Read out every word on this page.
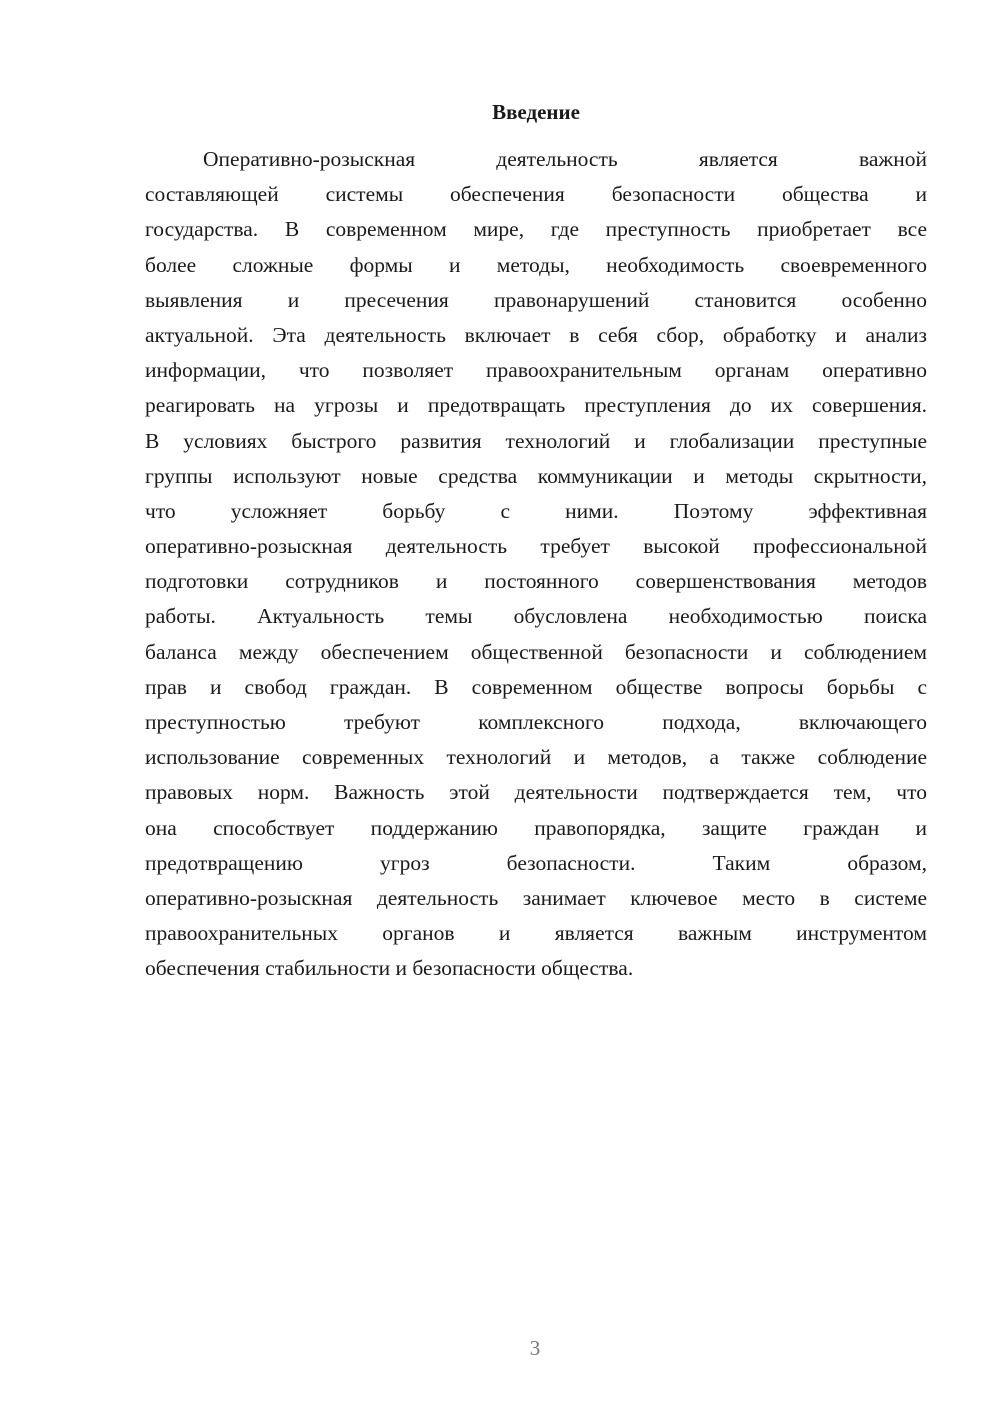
Введение
Оперативно-розыскная деятельность является важной
составляющей системы обеспечения безопасности общества и
государства. В современном мире, где преступность приобретает все
более сложные формы и методы, необходимость своевременного
выявления и пресечения правонарушений становится особенно
актуальной. Эта деятельность включает в себя сбор, обработку и анализ
информации, что позволяет правоохранительным органам оперативно
реагировать на угрозы и предотвращать преступления до их совершения.
В условиях быстрого развития технологий и глобализации преступные
группы используют новые средства коммуникации и методы скрытности,
что усложняет борьбу с ними. Поэтому эффективная
оперативно-розыскная деятельность требует высокой профессиональной
подготовки сотрудников и постоянного совершенствования методов
работы. Актуальность темы обусловлена необходимостью поиска
баланса между обеспечением общественной безопасности и соблюдением
прав и свобод граждан. В современном обществе вопросы борьбы с
преступностью требуют комплексного подхода, включающего
использование современных технологий и методов, а также соблюдение
правовых норм. Важность этой деятельности подтверждается тем, что
она способствует поддержанию правопорядка, защите граждан и
предотвращению угроз безопасности. Таким образом,
оперативно-розыскная деятельность занимает ключевое место в системе
правоохранительных органов и является важным инструментом
обеспечения стабильности и безопасности общества.
3
